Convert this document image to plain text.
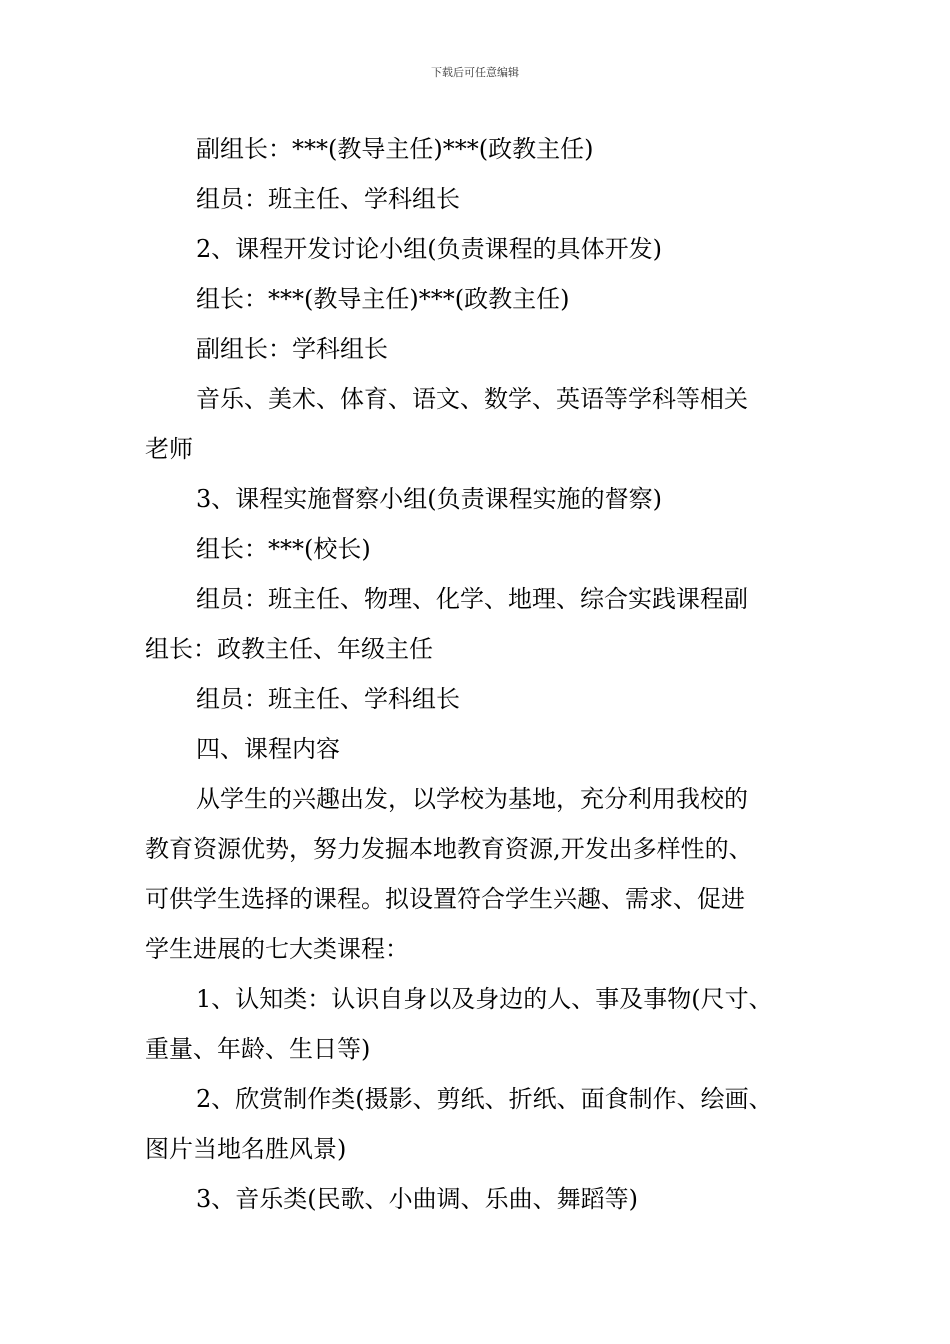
下载后可任意编辑

副组长：***(教导主任)***(政教主任)

组员：班主任、学科组长

2、课程开发讨论小组(负责课程的具体开发)

组长：***(教导主任)***(政教主任)

副组长：学科组长

音乐、美术、体育、语文、数学、英语等学科等相关

老师

3、课程实施督察小组(负责课程实施的督察)

组长：***(校长)

组员：班主任、物理、化学、地理、综合实践课程副

组长：政教主任、年级主任

组员：班主任、学科组长

四、课程内容

从学生的兴趣出发，以学校为基地，充分利用我校的

教育资源优势，努力发掘本地教育资源,开发出多样性的、

可供学生选择的课程。拟设置符合学生兴趣、需求、促进

学生进展的七大类课程：

1、认知类：认识自身以及身边的人、事及事物(尺寸、

重量、年龄、生日等)

2、欣赏制作类(摄影、剪纸、折纸、面食制作、绘画、

图片当地名胜风景)

3、音乐类(民歌、小曲调、乐曲、舞蹈等)
